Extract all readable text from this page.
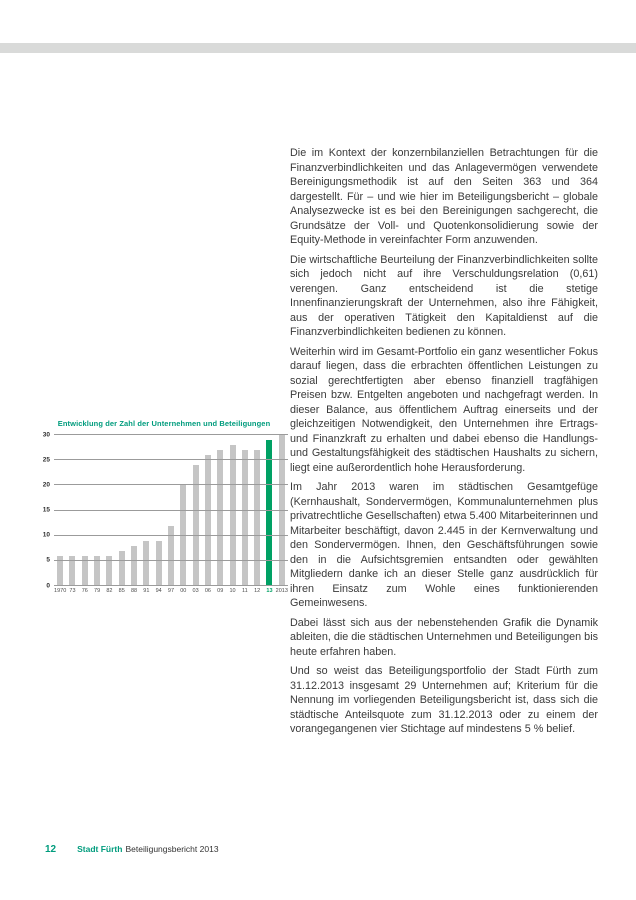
Entwicklung der Zahl der Unternehmen und Beteiligungen
1970 73 76 79 82 85 88 91 94 97 00 03 06 09 10 11 12 13 2013
0
5
10
15
20
25
30

Die im Kontext der konzernbilanziellen Betrachtungen für die Finanzverbindlichkeiten und das Anlagevermögen verwendete Bereinigungsmethodik ist auf den Seiten 363 und 364 dargestellt. Für – und wie hier im Beteiligungsbericht – globale Analysezwecke ist es bei den Bereinigungen sachgerecht, die Grundsätze der Voll- und Quotenkonsolidierung sowie der Equity-Methode in vereinfachter Form anzuwenden.

Die wirtschaftliche Beurteilung der Finanzverbindlichkeiten sollte sich jedoch nicht auf ihre Verschuldungsrelation (0,61) verengen. Ganz entscheidend ist die stetige Innenfinanzierungskraft der Unternehmen, also ihre Fähigkeit, aus der operativen Tätigkeit den Kapitaldienst auf die Finanzverbindlichkeiten bedienen zu können.

Weiterhin wird im Gesamt-Portfolio ein ganz wesentlicher Fokus darauf liegen, dass die erbrachten öffentlichen Leistungen zu sozial gerechtfertigten aber ebenso finanziell tragfähigen Preisen bzw. Entgelten angeboten und nachgefragt werden. In dieser Balance, aus öffentlichem Auftrag einerseits und der gleichzeitigen Notwendigkeit, den Unternehmen ihre Ertrags- und Finanzkraft zu erhalten und dabei ebenso die Handlungs- und Gestaltungsfähigkeit des städtischen Haushalts zu sichern, liegt eine außerordentlich hohe Herausforderung.

Im Jahr 2013 waren im städtischen Gesamtgefüge (Kernhaushalt, Sondervermögen, Kommunalunternehmen plus privatrechtliche Gesellschaften) etwa 5.400 Mitarbeiterinnen und Mitarbeiter beschäftigt, davon 2.445 in der Kernverwaltung und den Sondervermögen. Ihnen, den Geschäftsführungen sowie den in die Aufsichtsgremien entsandten oder gewählten Mitgliedern danke ich an dieser Stelle ganz ausdrücklich für ihren Einsatz zum Wohle eines funktionierenden Gemeinwesens.

Dabei lässt sich aus der nebenstehenden Grafik die Dynamik ableiten, die die städtischen Unternehmen und Beteiligungen bis heute erfahren haben.

Und so weist das Beteiligungsportfolio der Stadt Fürth zum 31.12.2013 insgesamt 29 Unternehmen auf; Kriterium für die Nennung im vorliegenden Beteiligungsbericht ist, dass sich die städtische Anteilsquote zum 31.12.2013 oder zu einem der vorangegangenen vier Stichtage auf mindestens 5 % belief.

12 Stadt Fürth Beteiligungsbericht 2013
